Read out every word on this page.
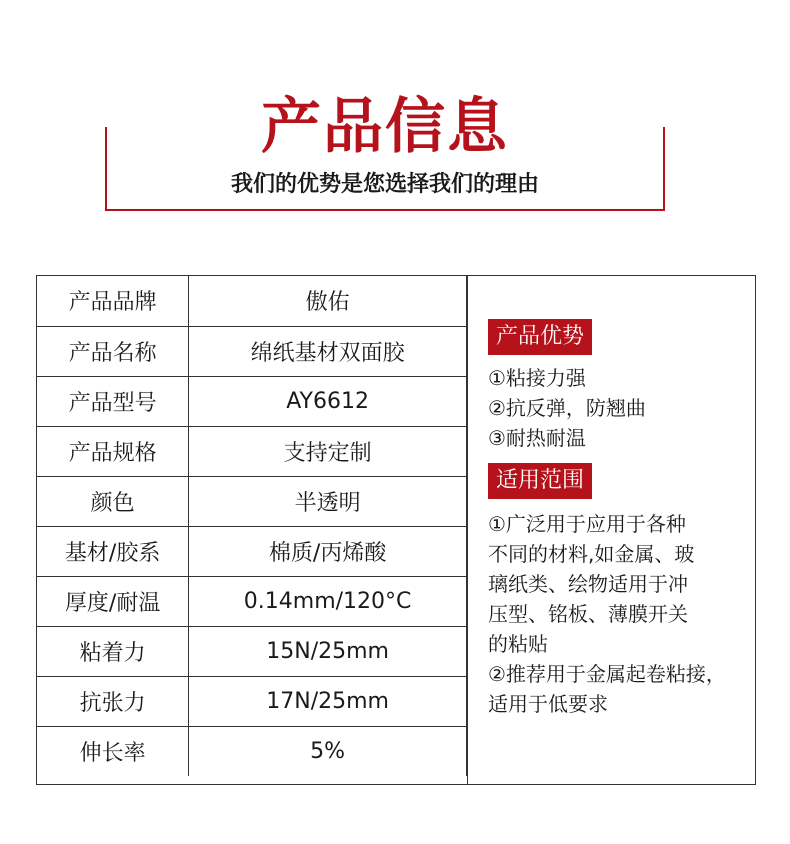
产品信息
我们的优势是您选择我们的理由
产品品牌	傲佑
产品名称	绵纸基材双面胶
产品型号	AY6612
产品规格	支持定制
颜色	半透明
基材/胶系	棉质/丙烯酸
厚度/耐温	0.14mm/120°C
粘着力	15N/25mm
抗张力	17N/25mm
伸长率	5%
产品优势
①粘接力强
②抗反弹，防翘曲
③耐热耐温
适用范围
①广泛用于应用于各种
不同的材料,如金属、玻
璃纸类、绘物适用于冲
压型、铭板、薄膜开关
的粘贴
②推荐用于金属起卷粘接，
适用于低要求
